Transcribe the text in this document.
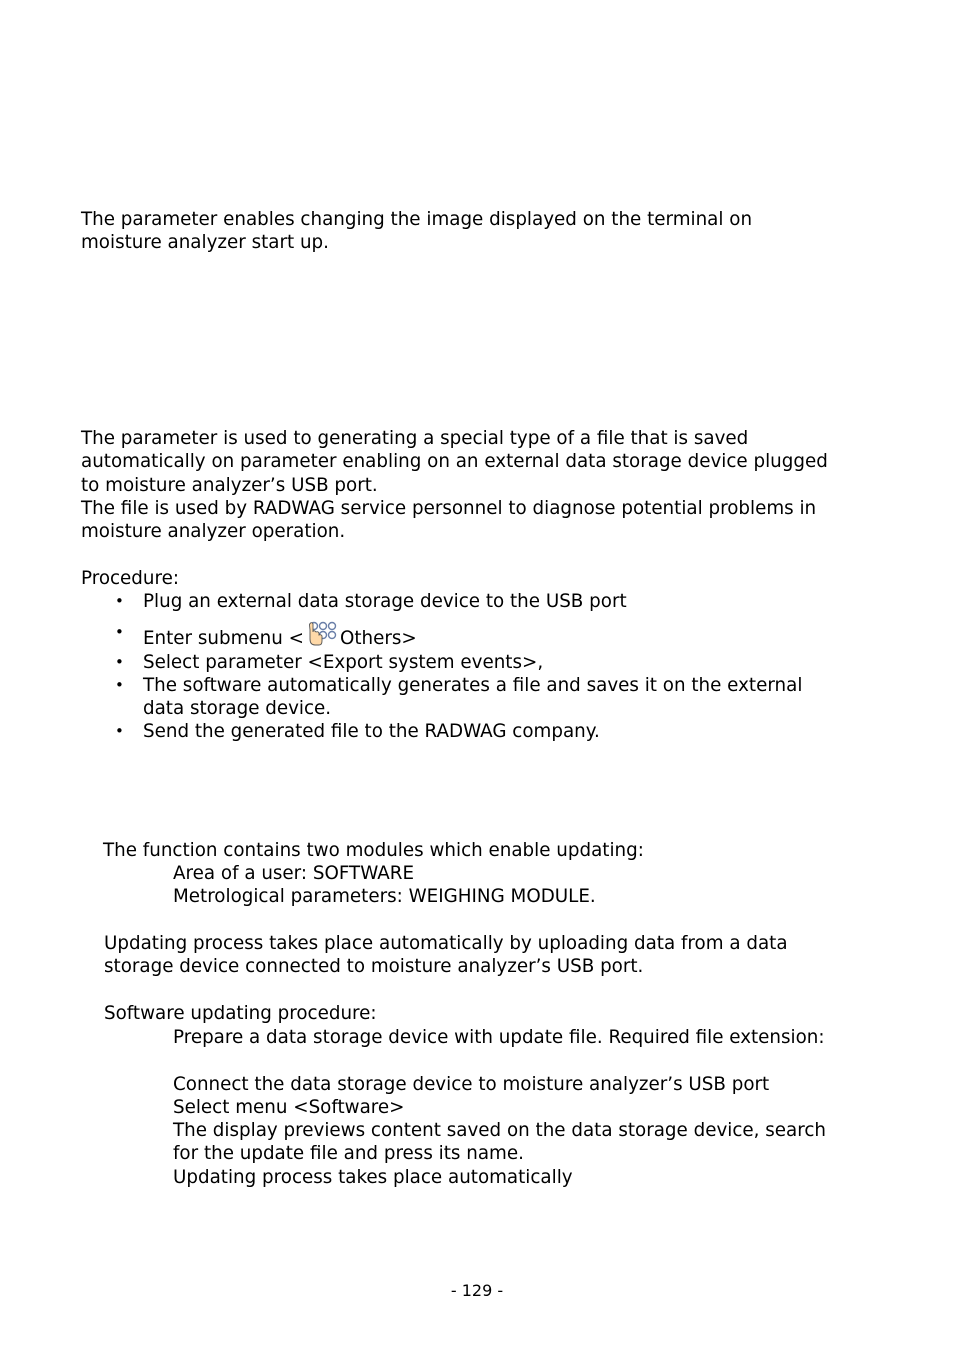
The parameter enables changing the image displayed on the terminal on

moisture analyzer start up.

The parameter is used to generating a special type of a file that is saved

automatically on parameter enabling on an external data storage device plugged

to moisture analyzer’s USB port.

The file is used by RADWAG service personnel to diagnose potential problems in

moisture analyzer operation.

Procedure:
• Plug an external data storage device to the USB port
• Enter submenu < Others>
• Select parameter <Export system events>,
• The software automatically generates a file and saves it on the external
data storage device.
• Send the generated file to the RADWAG company.
The function contains two modules which enable updating:

Area of a user: SOFTWARE

Metrological parameters: WEIGHING MODULE.

Updating process takes place automatically by uploading data from a data

storage device connected to moisture analyzer’s USB port.

Software updating procedure:

Prepare a data storage device with update file. Required file extension:

Connect the data storage device to moisture analyzer’s USB port

Select menu <Software>

The display previews content saved on the data storage device, search

for the update file and press its name.

Updating process takes place automatically

- 129 -
